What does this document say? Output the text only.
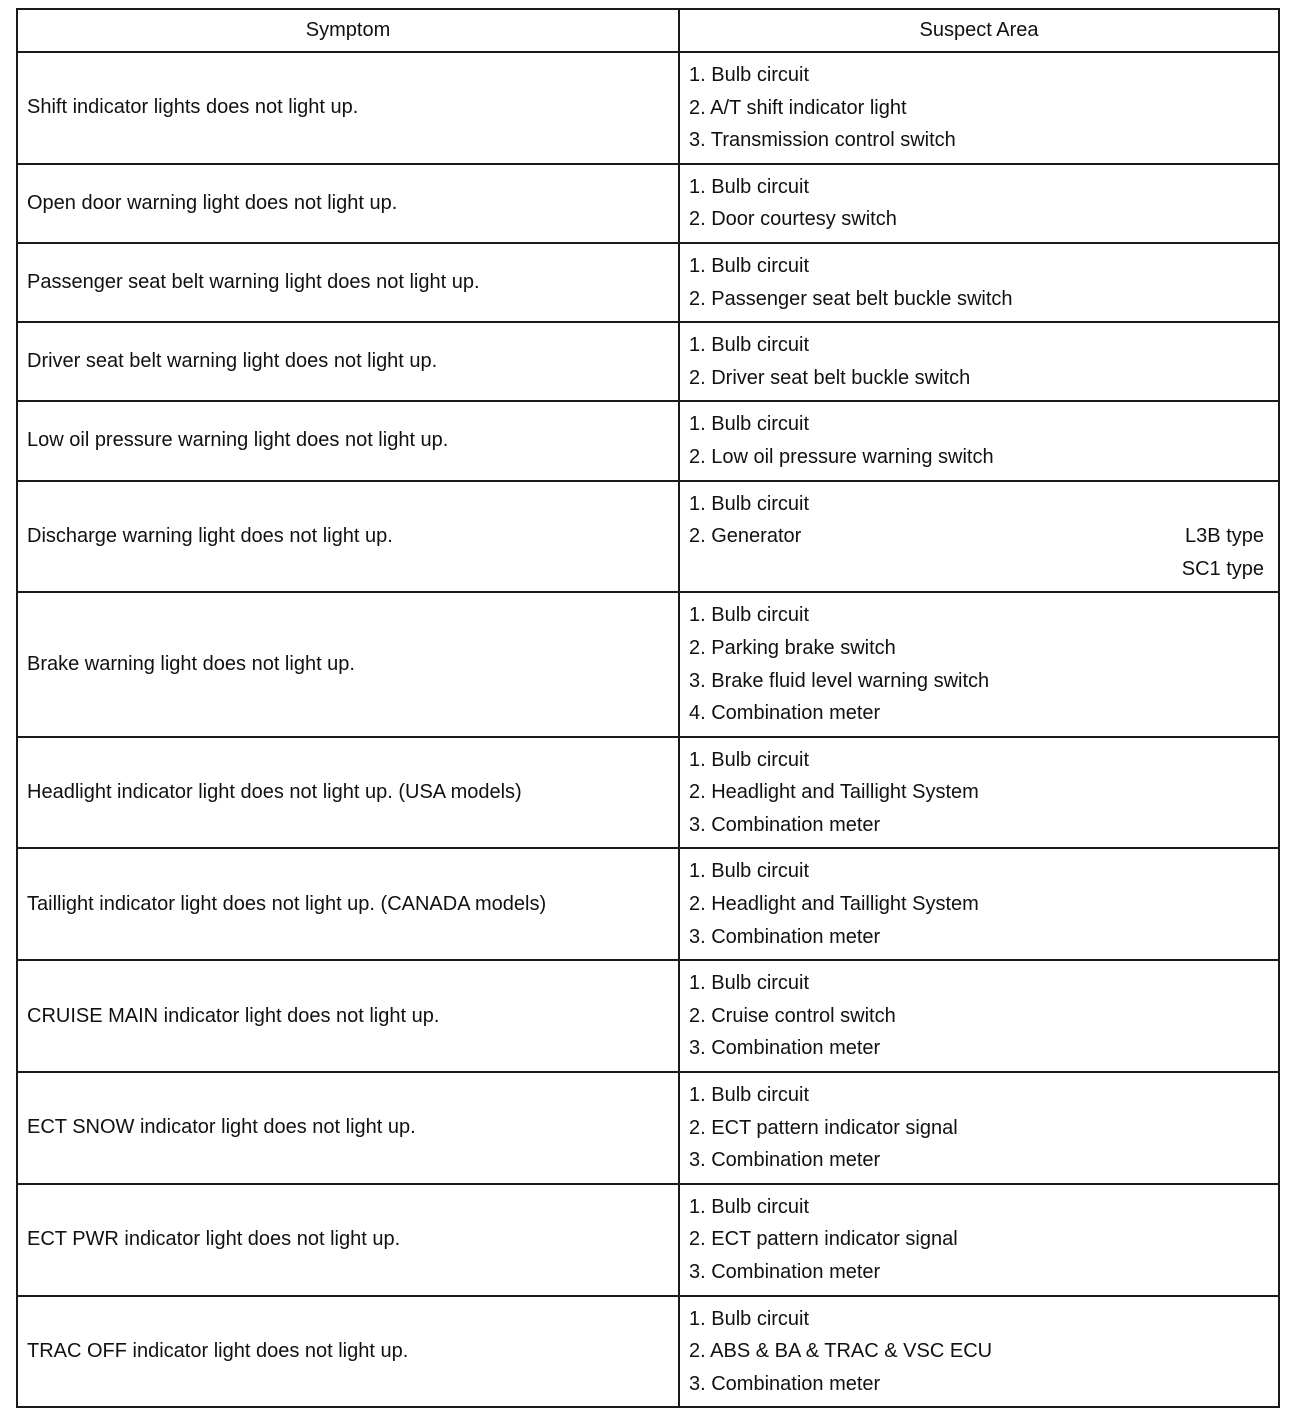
Symptom	Suspect Area
Shift indicator lights does not light up.	1. Bulb circuit
2. A/T shift indicator light
3. Transmission control switch

Open door warning light does not light up.	1. Bulb circuit
2. Door courtesy switch

Passenger seat belt warning light does not light up.	1. Bulb circuit
2. Passenger seat belt buckle switch

Driver seat belt warning light does not light up.	1. Bulb circuit
2. Driver seat belt buckle switch

Low oil pressure warning light does not light up.	1. Bulb circuit
2. Low oil pressure warning switch

Discharge warning light does not light up.	1. Bulb circuit
2. Generator L3B type
SC1 type

Brake warning light does not light up.	1. Bulb circuit
2. Parking brake switch
3. Brake fluid level warning switch
4. Combination meter

Headlight indicator light does not light up. (USA models)	1. Bulb circuit
2. Headlight and Taillight System
3. Combination meter

Taillight indicator light does not light up. (CANADA models)	1. Bulb circuit
2. Headlight and Taillight System
3. Combination meter

CRUISE MAIN indicator light does not light up.	1. Bulb circuit
2. Cruise control switch
3. Combination meter

ECT SNOW indicator light does not light up.	1. Bulb circuit
2. ECT pattern indicator signal
3. Combination meter

ECT PWR indicator light does not light up.	1. Bulb circuit
2. ECT pattern indicator signal
3. Combination meter

TRAC OFF indicator light does not light up.	1. Bulb circuit
2. ABS & BA & TRAC & VSC ECU
3. Combination meter
